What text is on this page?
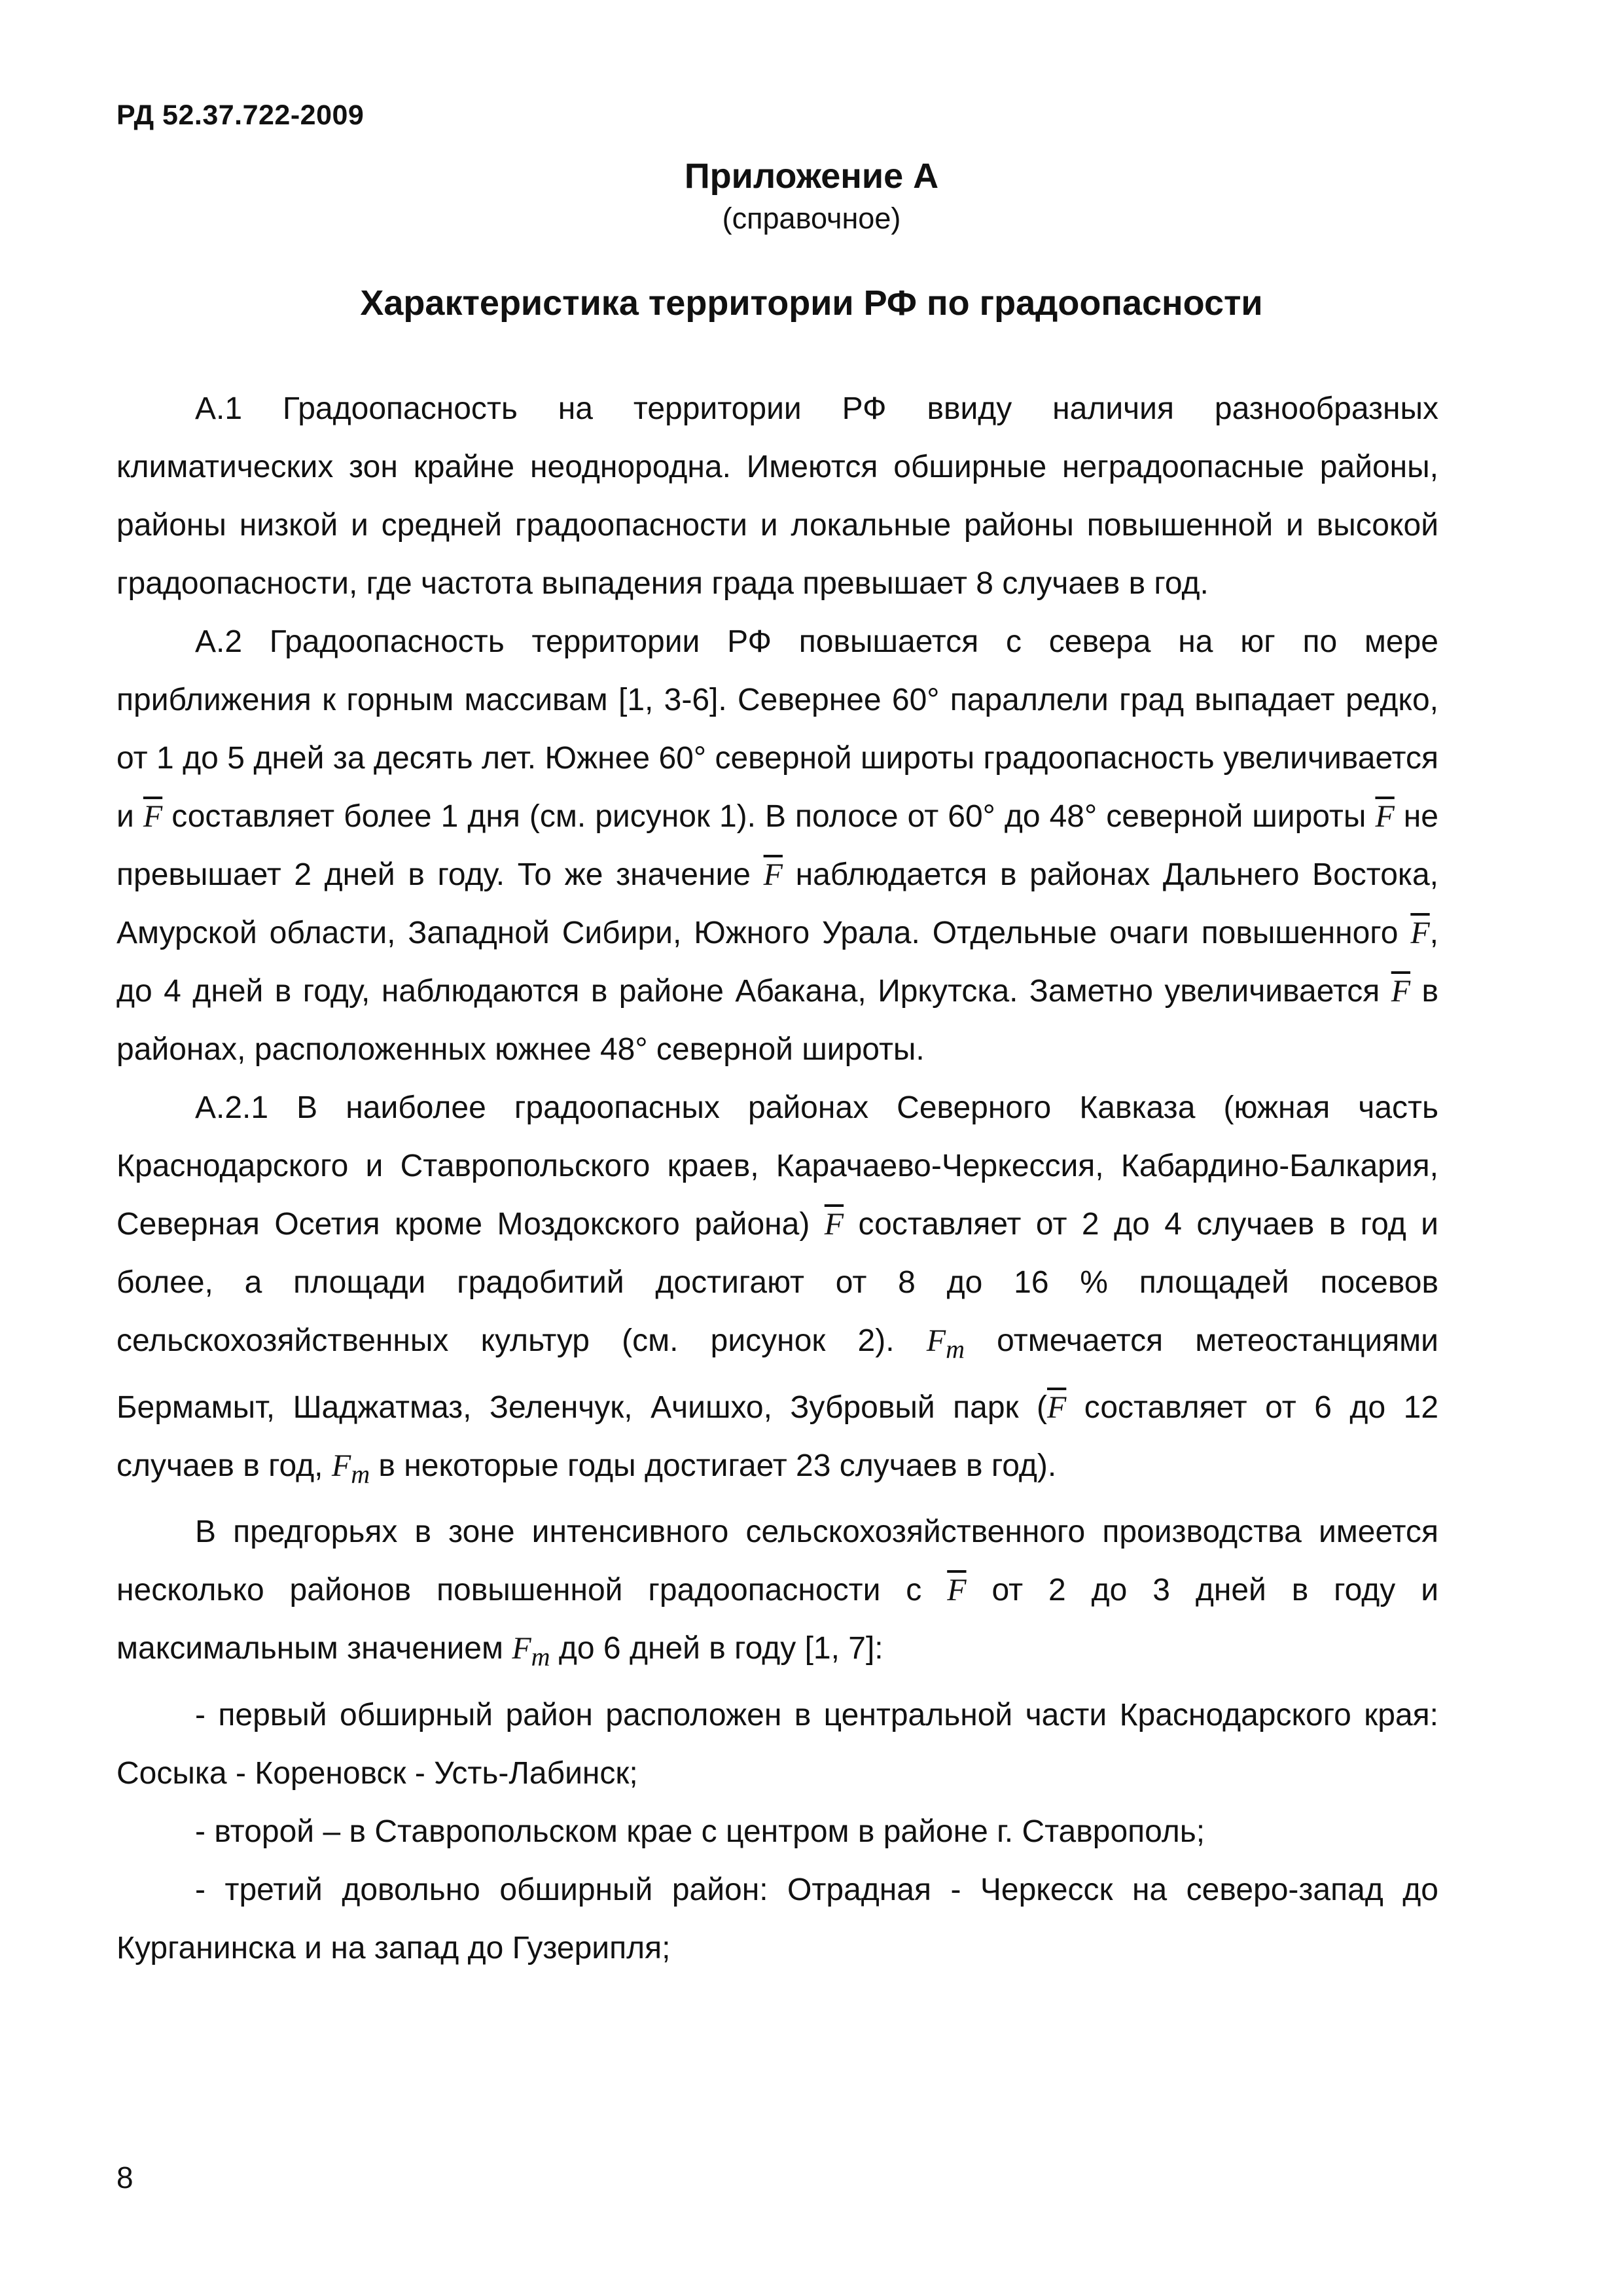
РД 52.37.722-2009
Приложение А
(справочное)
Характеристика территории РФ по градоопасности

А.1 Градоопасность на территории РФ ввиду наличия разнообразных климатических зон крайне неоднородна. Имеются обширные неградоопасные районы, районы низкой и средней градоопасности и локальные районы повышенной и высокой градоопасности, где частота выпадения града превышает 8 случаев в год.

А.2 Градоопасность территории РФ повышается с севера на юг по мере приближения к горным массивам [1, 3-6]. Севернее 60° параллели град выпадает редко, от 1 до 5 дней за десять лет. Южнее 60° северной широты градоопасность увеличивается и $\overline{F}$ составляет более 1 дня (см. рисунок 1). В полосе от 60° до 48° северной широты $\overline{F}$ не превышает 2 дней в году. То же значение $\overline{F}$ наблюдается в районах Дальнего Востока, Амурской области, Западной Сибири, Южного Урала. Отдельные очаги повышенного $\overline{F}$, до 4 дней в году, наблюдаются в районе Абакана, Иркутска. Заметно увеличивается $\overline{F}$ в районах, расположенных южнее 48° северной широты.

А.2.1 В наиболее градоопасных районах Северного Кавказа (южная часть Краснодарского и Ставропольского краев, Карачаево-Черкессия, Кабардино-Балкария, Северная Осетия кроме Моздокского района) $\overline{F}$ составляет от 2 до 4 случаев в год и более, а площади градобитий достигают от 8 до 16 % площадей посевов сельскохозяйственных культур (см. рисунок 2). $F_m$ отмечается метеостанциями Бермамыт, Шаджатмаз, Зеленчук, Ачишхо, Зубровый парк ($\overline{F}$ составляет от 6 до 12 случаев в год, $F_m$ в некоторые годы достигает 23 случаев в год).

В предгорьях в зоне интенсивного сельскохозяйственного производства имеется несколько районов повышенной градоопасности с $\overline{F}$ от 2 до 3 дней в году и максимальным значением $F_m$ до 6 дней в году [1, 7]:

- первый обширный район расположен в центральной части Краснодарского края: Сосыка - Кореновск - Усть-Лабинск;

- второй – в Ставропольском крае с центром в районе г. Ставрополь;

- третий довольно обширный район: Отрадная - Черкесск на северо-запад до Курганинска и на запад до Гузерипля;

8
